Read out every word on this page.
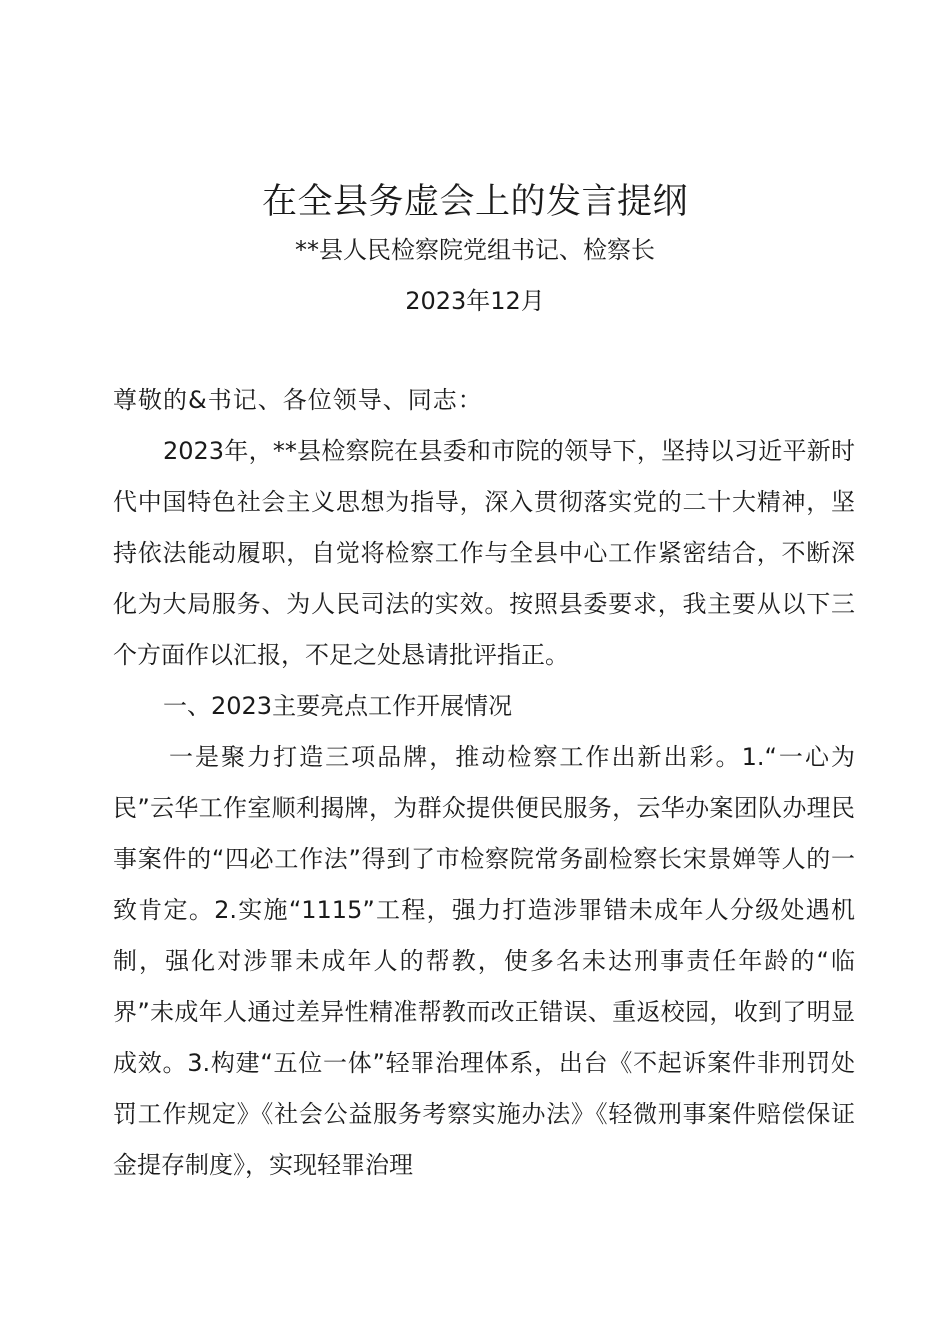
在全县务虚会上的发言提纲
**县人民检察院党组书记、检察长
2023年12月

尊敬的&书记、各位领导、同志：

2023年，**县检察院在县委和市院的领导下，坚持以习近平新时代中国特色社会主义思想为指导，深入贯彻落实党的二十大精神，坚持依法能动履职，自觉将检察工作与全县中心工作紧密结合，不断深化为大局服务、为人民司法的实效。按照县委要求，我主要从以下三个方面作以汇报，不足之处恳请批评指正。

一、2023主要亮点工作开展情况

一是聚力打造三项品牌，推动检察工作出新出彩。1.“一心为民”云华工作室顺利揭牌，为群众提供便民服务，云华办案团队办理民事案件的“四必工作法”得到了市检察院常务副检察长宋景婵等人的一致肯定。2.实施“1115”工程，强力打造涉罪错未成年人分级处遇机制，强化对涉罪未成年人的帮教，使多名未达刑事责任年龄的“临界”未成年人通过差异性精准帮教而改正错误、重返校园，收到了明显成效。3.构建“五位一体”轻罪治理体系，出台《不起诉案件非刑罚处罚工作规定》《社会公益服务考察实施办法》《轻微刑事案件赔偿保证金提存制度》，实现轻罪治理
